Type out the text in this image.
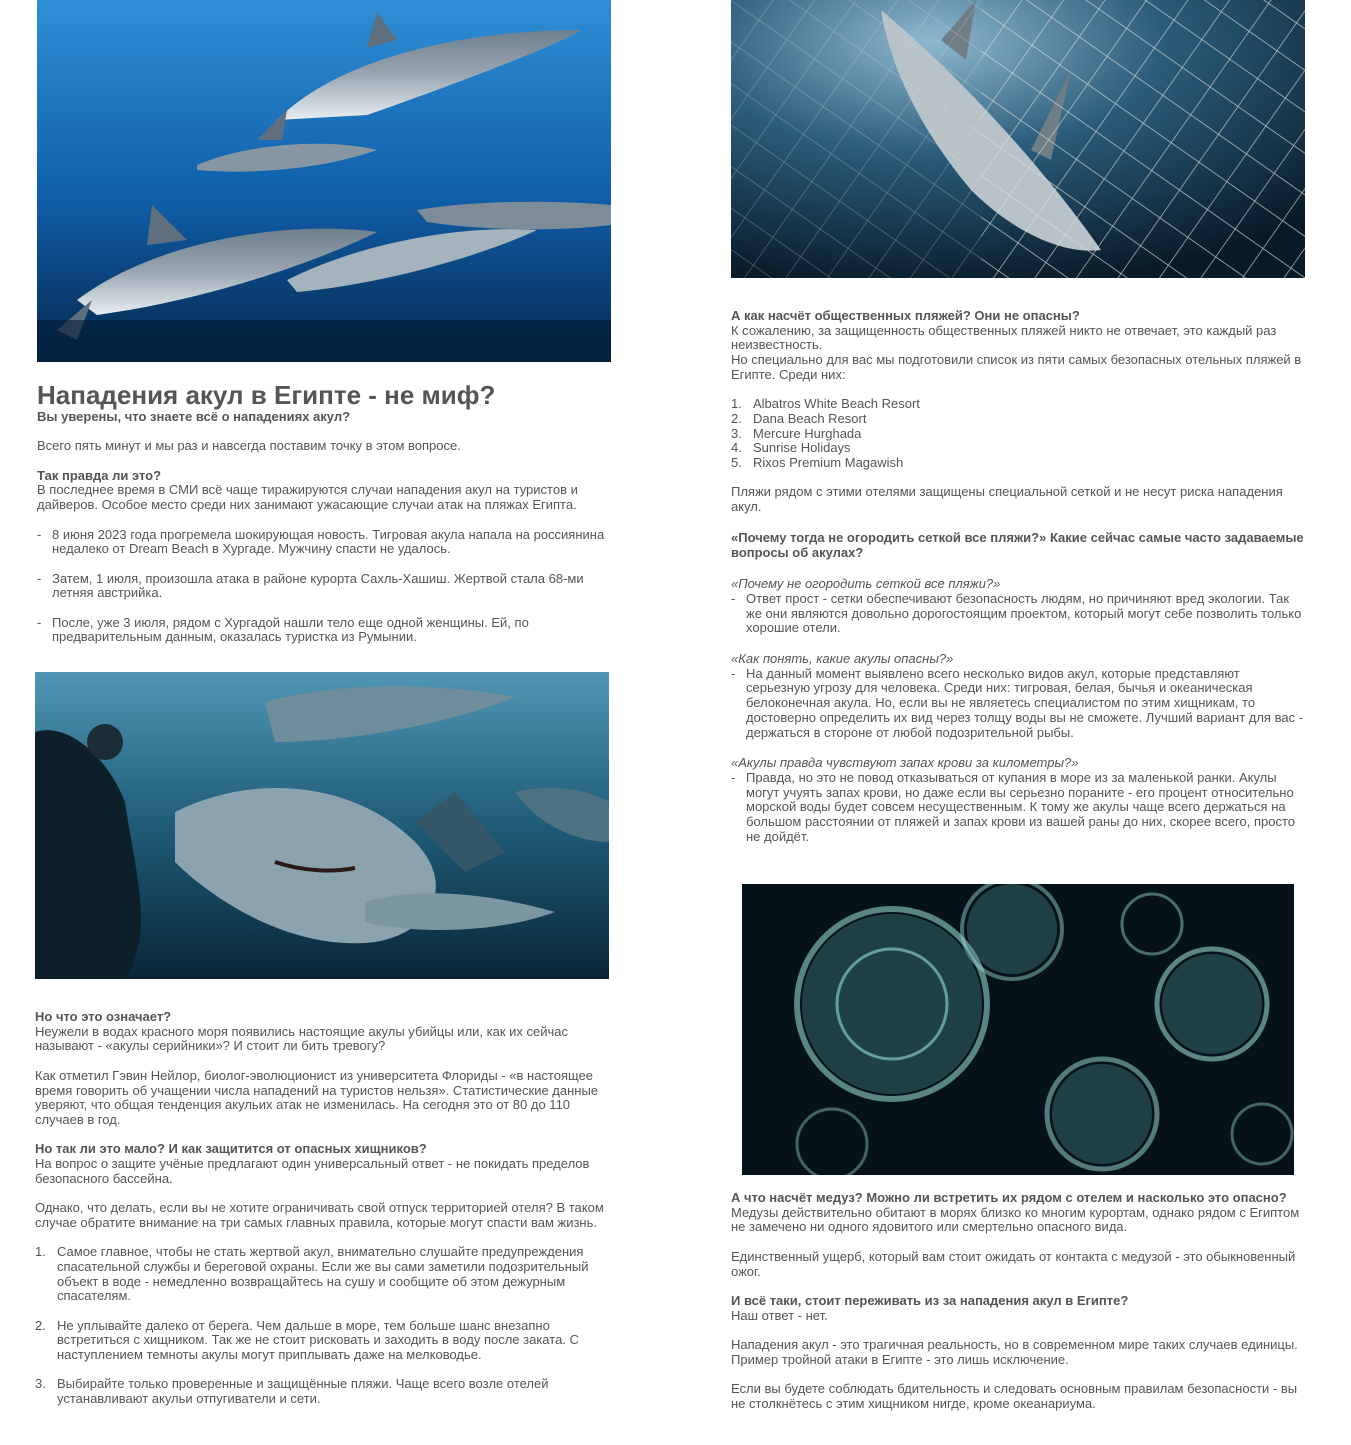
Нападения акул в Египте - не миф?

Вы уверены, что знаете всё о нападениях акул?

Всего пять минут и мы раз и навсегда поставим точку в этом вопросе.

Так правда ли это?

В последнее время в СМИ всё чаще тиражируются случаи нападения акул на туристов и дайверов. Особое место среди них занимают ужасающие случаи атак на пляжах Египта.

- 8 июня 2023 года прогремела шокирующая новость. Тигровая акула напала на россиянина недалеко от Dream Beach в Хургаде. Мужчину спасти не удалось.

- Затем, 1 июля, произошла атака в районе курорта Сахль-Хашиш. Жертвой стала 68-ми летняя австрийка.

- После, уже 3 июля, рядом с Хургадой нашли тело еще одной женщины. Ей, по предварительным данным, оказалась туристка из Румынии.

Но что это означает?

Неужели в водах красного моря появились настоящие акулы убийцы или, как их сейчас называют - «акулы серийники»? И стоит ли бить тревогу?

Как отметил Гэвин Нейлор, биолог-эволюционист из университета Флориды - «в настоящее время говорить об учащении числа нападений на туристов нельзя». Статистические данные уверяют, что общая тенденция акульих атак не изменилась. На сегодня это от 80 до 110 случаев в год.

Но так ли это мало? И как защитится от опасных хищников?

На вопрос о защите учёные предлагают один универсальный ответ - не покидать пределов безопасного бассейна.

Однако, что делать, если вы не хотите ограничивать свой отпуск территорией отеля? В таком случае обратите внимание на три самых главных правила, которые могут спасти вам жизнь.

1. Самое главное, чтобы не стать жертвой акул, внимательно слушайте предупреждения спасательной службы и береговой охраны. Если же вы сами заметили подозрительный объект в воде - немедленно возвращайтесь на сушу и сообщите об этом дежурным спасателям.

2. Не уплывайте далеко от берега. Чем дальше в море, тем больше шанс внезапно встретиться с хищником. Так же не стоит рисковать и заходить в воду после заката. С наступлением темноты акулы могут приплывать даже на мелководье.

3. Выбирайте только проверенные и защищённые пляжи. Чаще всего возле отелей устанавливают акульи отпугиватели и сети.

А как насчёт общественных пляжей? Они не опасны?

К сожалению, за защищенность общественных пляжей никто не отвечает, это каждый раз неизвестность.

Но специально для вас мы подготовили список из пяти самых безопасных отельных пляжей в Египте. Среди них:

1. Albatros White Beach Resort

2. Dana Beach Resort

3. Mercure Hurghada

4. Sunrise Holidays

5. Rixos Premium Magawish

Пляжи рядом с этими отелями защищены специальной сеткой и не несут риска нападения акул.

«Почему тогда не огородить сеткой все пляжи?» Какие сейчас самые часто задаваемые вопросы об акулах?

«Почему не огородить сеткой все пляжи?»

- Ответ прост - сетки обеспечивают безопасность людям, но причиняют вред экологии. Так же они являются довольно дорогостоящим проектом, который могут себе позволить только хорошие отели.

«Как понять, какие акулы опасны?»

- На данный момент выявлено всего несколько видов акул, которые представляют серьезную угрозу для человека. Среди них: тигровая, белая, бычья и океаническая белоконечная акула. Но, если вы не являетесь специалистом по этим хищникам, то достоверно определить их вид через толщу воды вы не сможете. Лучший вариант для вас - держаться в стороне от любой подозрительной рыбы.

«Акулы правда чувствуют запах крови за километры?»

- Правда, но это не повод отказываться от купания в море из за маленькой ранки. Акулы могут учуять запах крови, но даже если вы серьезно пораните - его процент относительно морской воды будет совсем несущественным. К тому же акулы чаще всего держаться на большом расстоянии от пляжей и запах крови из вашей раны до них, скорее всего, просто не дойдёт.

А что насчёт медуз? Можно ли встретить их рядом с отелем и насколько это опасно?

Медузы действительно обитают в морях близко ко многим курортам, однако рядом с Египтом не замечено ни одного ядовитого или смертельно опасного вида.

Единственный ущерб, который вам стоит ожидать от контакта с медузой - это обыкновенный ожог.

И всё таки, стоит переживать из за нападения акул в Египте?

Наш ответ - нет.

Нападения акул - это трагичная реальность, но в современном мире таких случаев единицы. Пример тройной атаки в Египте - это лишь исключение.

Если вы будете соблюдать бдительность и следовать основным правилам безопасности - вы не столкнётесь с этим хищником нигде, кроме океанариума.
